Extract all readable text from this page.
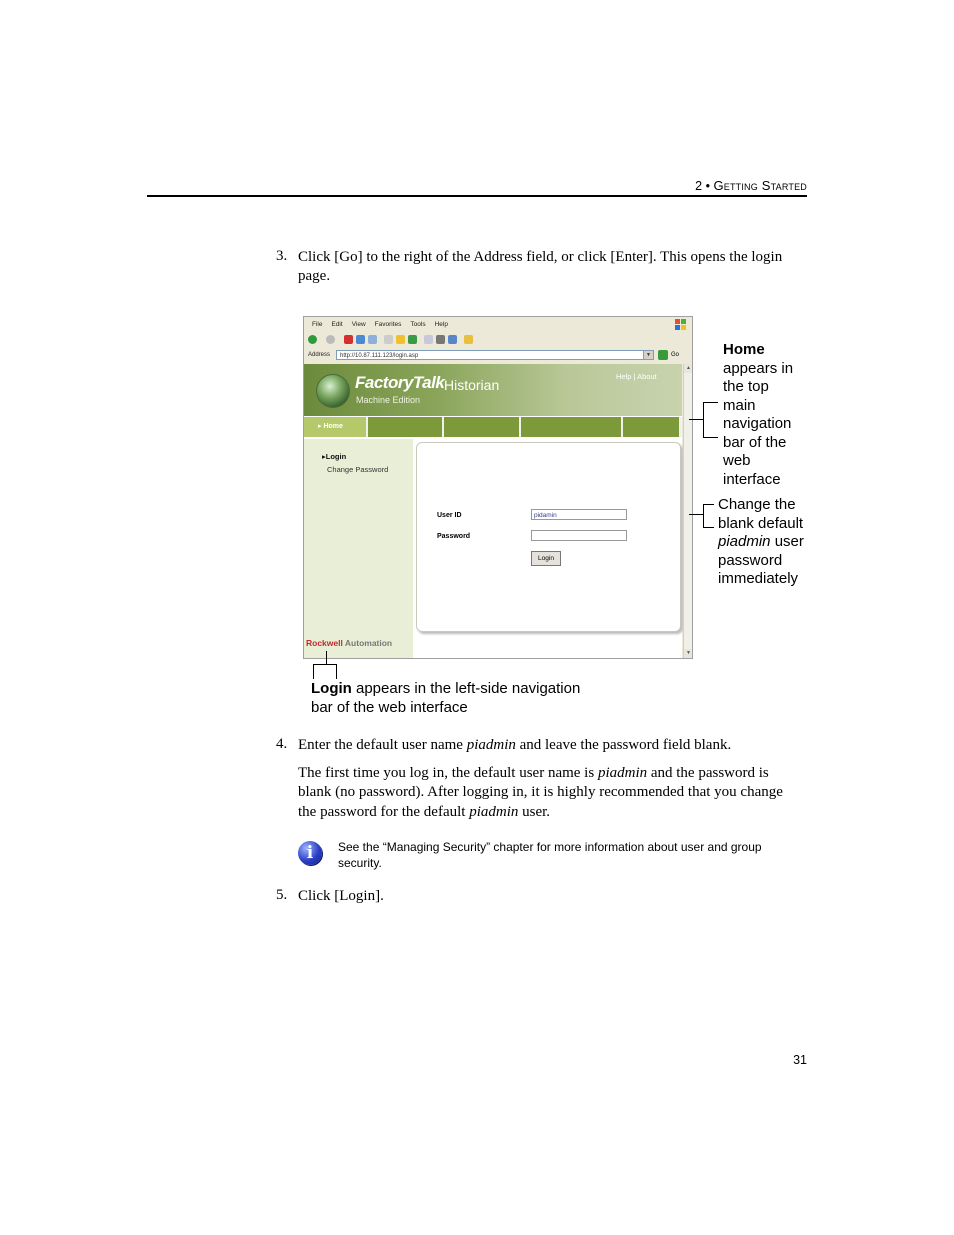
2 • Getting Started
3. Click [Go] to the right of the Address field, or click [Enter]. This opens the login
page.
File Edit View Favorites Tools Help
Address	http://10.87.111.123/login.asp	▼	Go
FactoryTalk Historian
Machine Edition
Help | About
▸ Home
▸Login
Change Password
User ID	pidamin
Password
Login
Rockwell Automation
▲
▼
Home
appears in
the top
main
navigation
bar of the
web
interface
Change the
blank default
piadmin user
password
immediately
Login appears in the left-side navigation
bar of the web interface
4. Enter the default user name piadmin and leave the password field blank.
The first time you log in, the default user name is piadmin and the password is
blank (no password). After logging in, it is highly recommended that you change
the password for the default piadmin user.
i	See the “Managing Security” chapter for more information about user and group security.
5. Click [Login].
31
